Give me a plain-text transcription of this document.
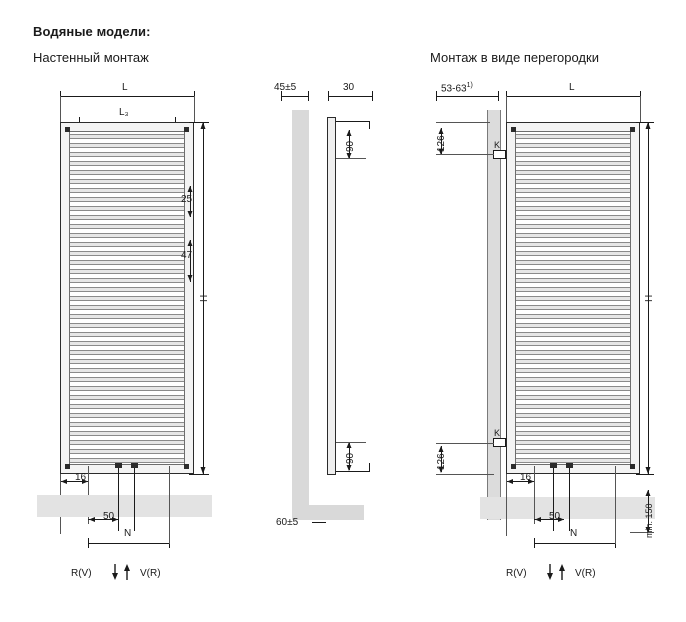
Водяные модели:
Настенный монтаж	Монтаж в виде перегородки
L
L₃
25
47
H
16
50
N
R(V)	V(R)
45±5	30
90
90
60±5
53-63$^{1)}$	L
K
K
126
126
H
16
50
N	min. 150
R(V)	V(R)
